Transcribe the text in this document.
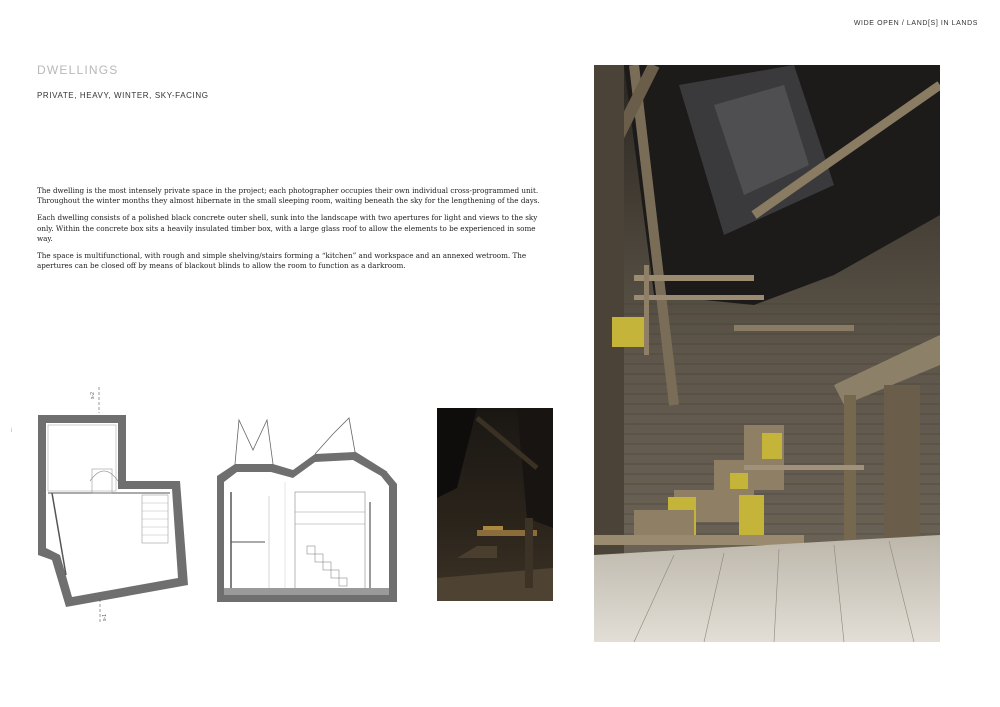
WIDE OPEN / LAND[S] IN LANDS
DWELLINGS
PRIVATE, HEAVY, WINTER, SKY-FACING

The dwelling is the most intensely private space in the project; each photographer occupies their own individual cross-programmed unit. Throughout the winter months they almost hibernate in the small sleeping room, waiting beneath the sky for the lengthening of the days.

Each dwelling consists of a polished black concrete outer shell, sunk into the landscape with two apertures for light and views to the sky only. Within the concrete box sits a heavily insulated timber box, with a large glass roof to allow the elements to be experienced in some way.

The space is multifunctional, with rough and simple shelving/stairs forming a “kitchen” and workspace and an annexed wetroom. The apertures can be closed off by means of blackout blinds to allow the room to function as a darkroom.

i
s-2
s-1
